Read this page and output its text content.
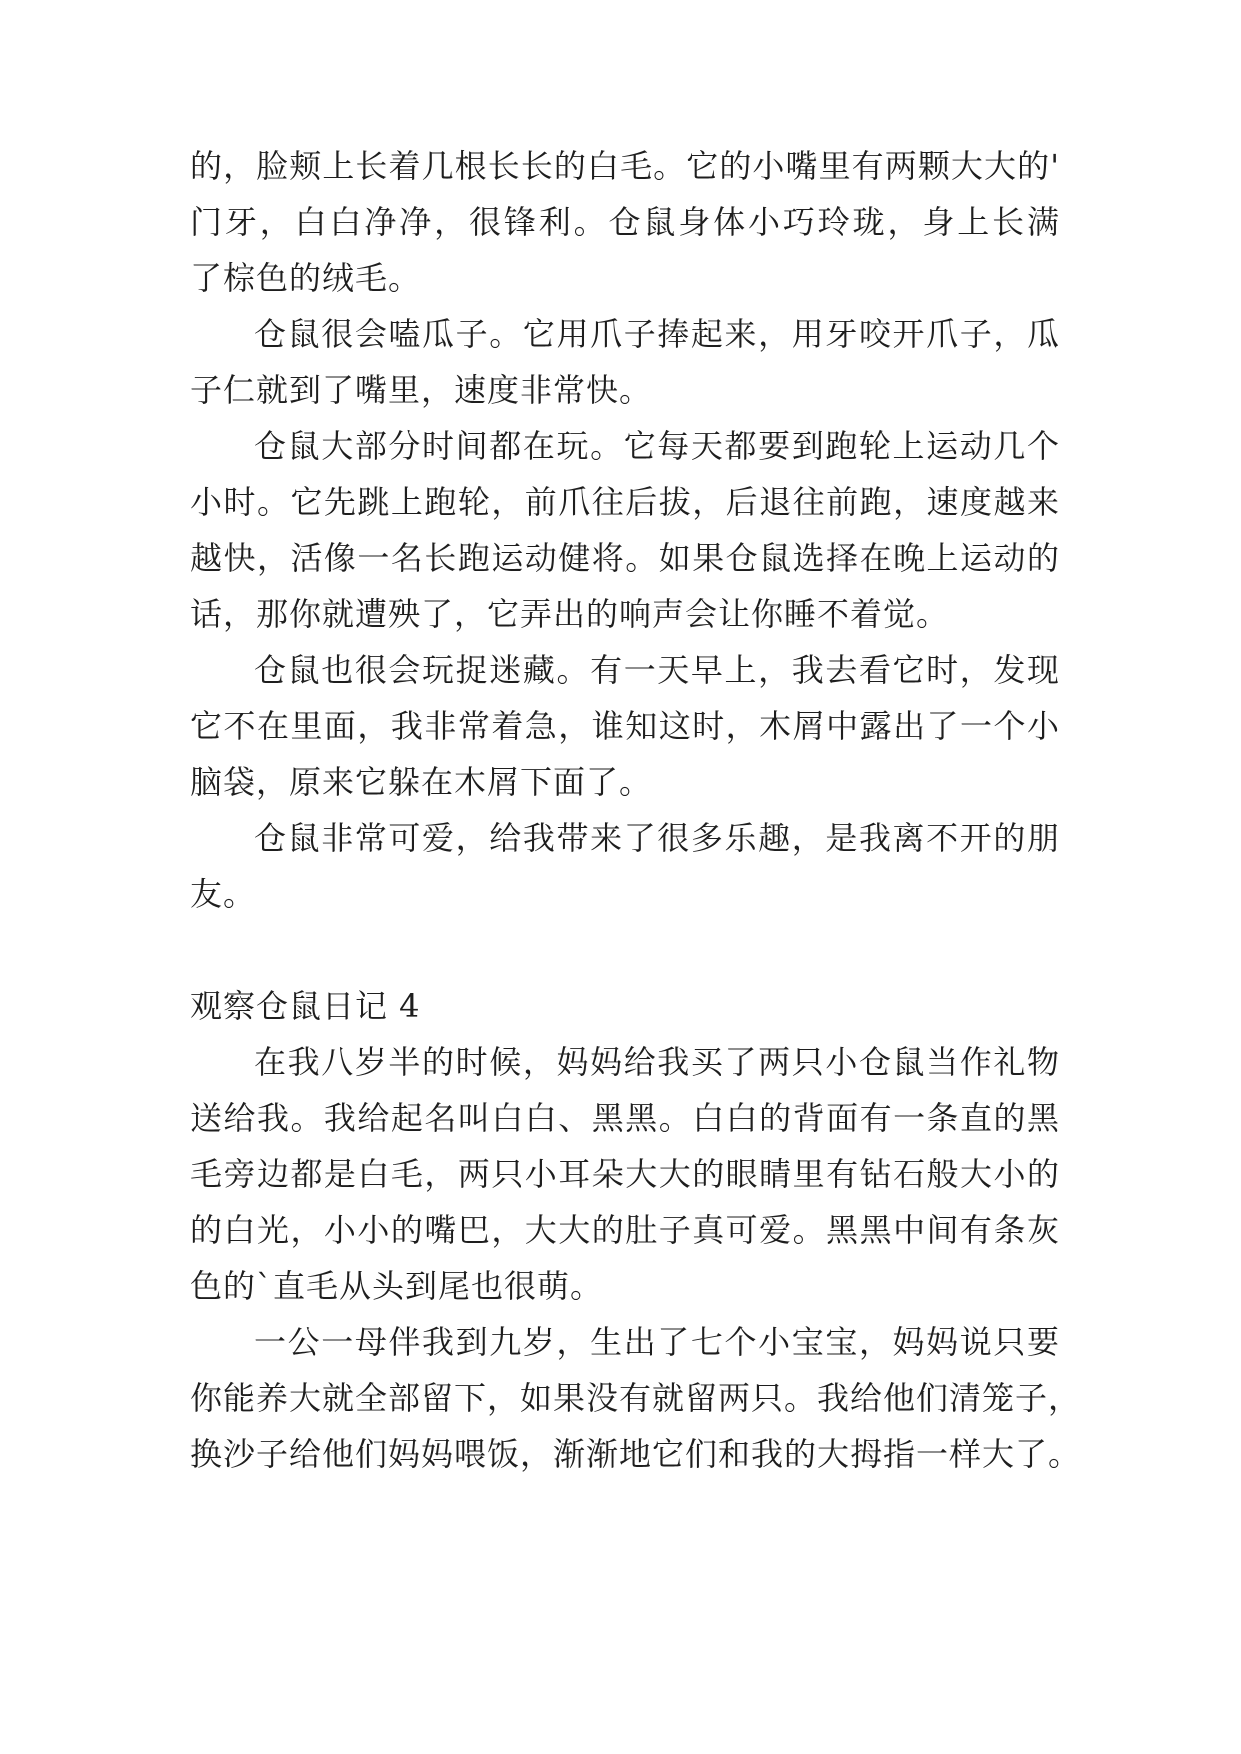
的，脸颊上长着几根长长的白毛。它的小嘴里有两颗大大的'
门牙，白白净净，很锋利。仓鼠身体小巧玲珑，身上长满
了棕色的绒毛。
仓鼠很会嗑瓜子。它用爪子捧起来，用牙咬开爪子，瓜
子仁就到了嘴里，速度非常快。
仓鼠大部分时间都在玩。它每天都要到跑轮上运动几个
小时。它先跳上跑轮，前爪往后拔，后退往前跑，速度越来
越快，活像一名长跑运动健将。如果仓鼠选择在晚上运动的
话，那你就遭殃了，它弄出的响声会让你睡不着觉。
仓鼠也很会玩捉迷藏。有一天早上，我去看它时，发现
它不在里面，我非常着急，谁知这时，木屑中露出了一个小
脑袋，原来它躲在木屑下面了。
仓鼠非常可爱，给我带来了很多乐趣，是我离不开的朋
友。
观察仓鼠日记 4
在我八岁半的时候，妈妈给我买了两只小仓鼠当作礼物
送给我。我给起名叫白白、黑黑。白白的背面有一条直的黑
毛旁边都是白毛，两只小耳朵大大的眼睛里有钻石般大小的
的白光，小小的嘴巴，大大的肚子真可爱。黑黑中间有条灰
色的`直毛从头到尾也很萌。
一公一母伴我到九岁，生出了七个小宝宝，妈妈说只要
你能养大就全部留下，如果没有就留两只。我给他们清笼子，
换沙子给他们妈妈喂饭，渐渐地它们和我的大拇指一样大了。
